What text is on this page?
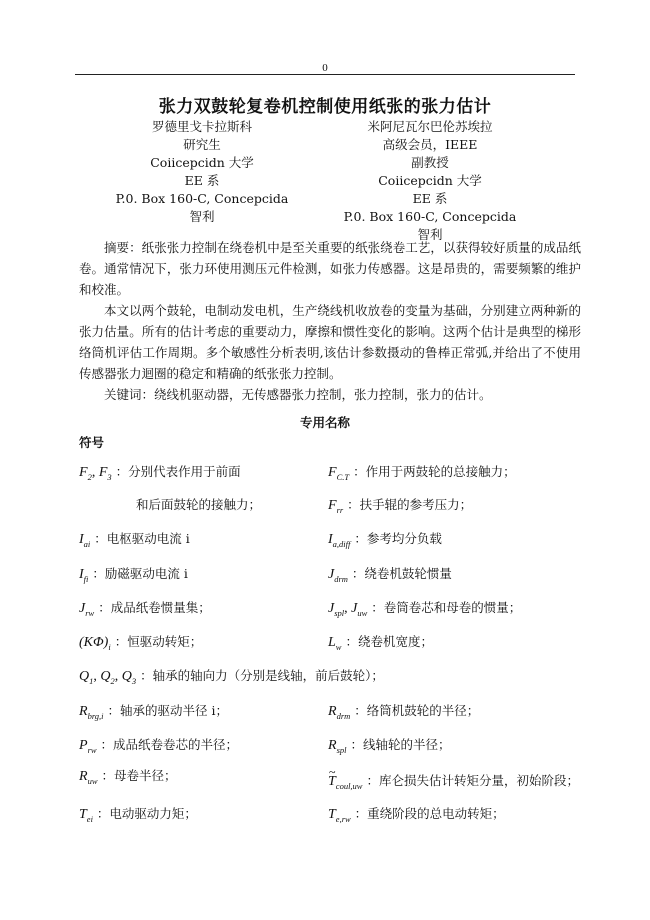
0
张力双鼓轮复卷机控制使用纸张的张力估计
罗德里戈卡拉斯科
研究生
Coiicepcidn 大学
EE 系
P.0. Box 160-C, Concepcida
智利
米阿尼瓦尔巴伦苏埃拉
高级会员，IEEE
副教授
Coiicepcidn 大学
EE 系
P.0. Box 160-C, Concepcida
智利

摘要：纸张张力控制在绕卷机中是至关重要的纸张绕卷工艺，以获得较好质量的成品纸卷。通常情况下，张力环使用测压元件检测，如张力传感器。这是昂贵的，需要频繁的维护和校准。

本文以两个鼓轮，电制动发电机，生产绕线机收放卷的变量为基础，分别建立两种新的张力估量。所有的估计考虑的重要动力，摩擦和惯性变化的影响。这两个估计是典型的梯形络筒机评估工作周期。多个敏感性分析表明,该估计参数摄动的鲁棒正常弧,并给出了不使用传感器张力迴圈的稳定和精确的纸张张力控制。

关键词：绕线机驱动器，无传感器张力控制，张力控制，张力的估计。

专用名称
符号
$F_2$, $F_3$ ：分别代表作用于前面	$F_{C.T}$ ：作用于两鼓轮的总接触力；
和后面鼓轮的接触力；	$F_{rr}$ ：扶手辊的参考压力；
$I_{ai}$ ：电枢驱动电流 i	$I_{a,diff}$ ：参考均分负载
$I_{fi}$ ：励磁驱动电流 i	$J_{drm}$ ：绕卷机鼓轮惯量
$J_{rw}$ ：成品纸卷惯量集；	$J_{spl}$, $J_{uw}$ ：卷筒卷芯和母卷的惯量；
$(K\Phi)_i$ ：恒驱动转矩；	$L_w$ ：绕卷机宽度；
$Q_1$, $Q_2$, $Q_3$ ：轴承的轴向力（分别是线轴，前后鼓轮）；
$R_{brg,i}$ ：轴承的驱动半径 i；	$R_{drm}$ ：络筒机鼓轮的半径；
$P_{rw}$ ：成品纸卷卷芯的半径；	$R_{spl}$ ：线轴轮的半径；
$R_{uw}$ ：母卷半径；
~	$T_{coul,uw}$ ：库仑损失估计转矩分量，初始阶段；
$T_{ei}$ ：电动驱动力矩；	$T_{e,rw}$ ：重绕阶段的总电动转矩；
